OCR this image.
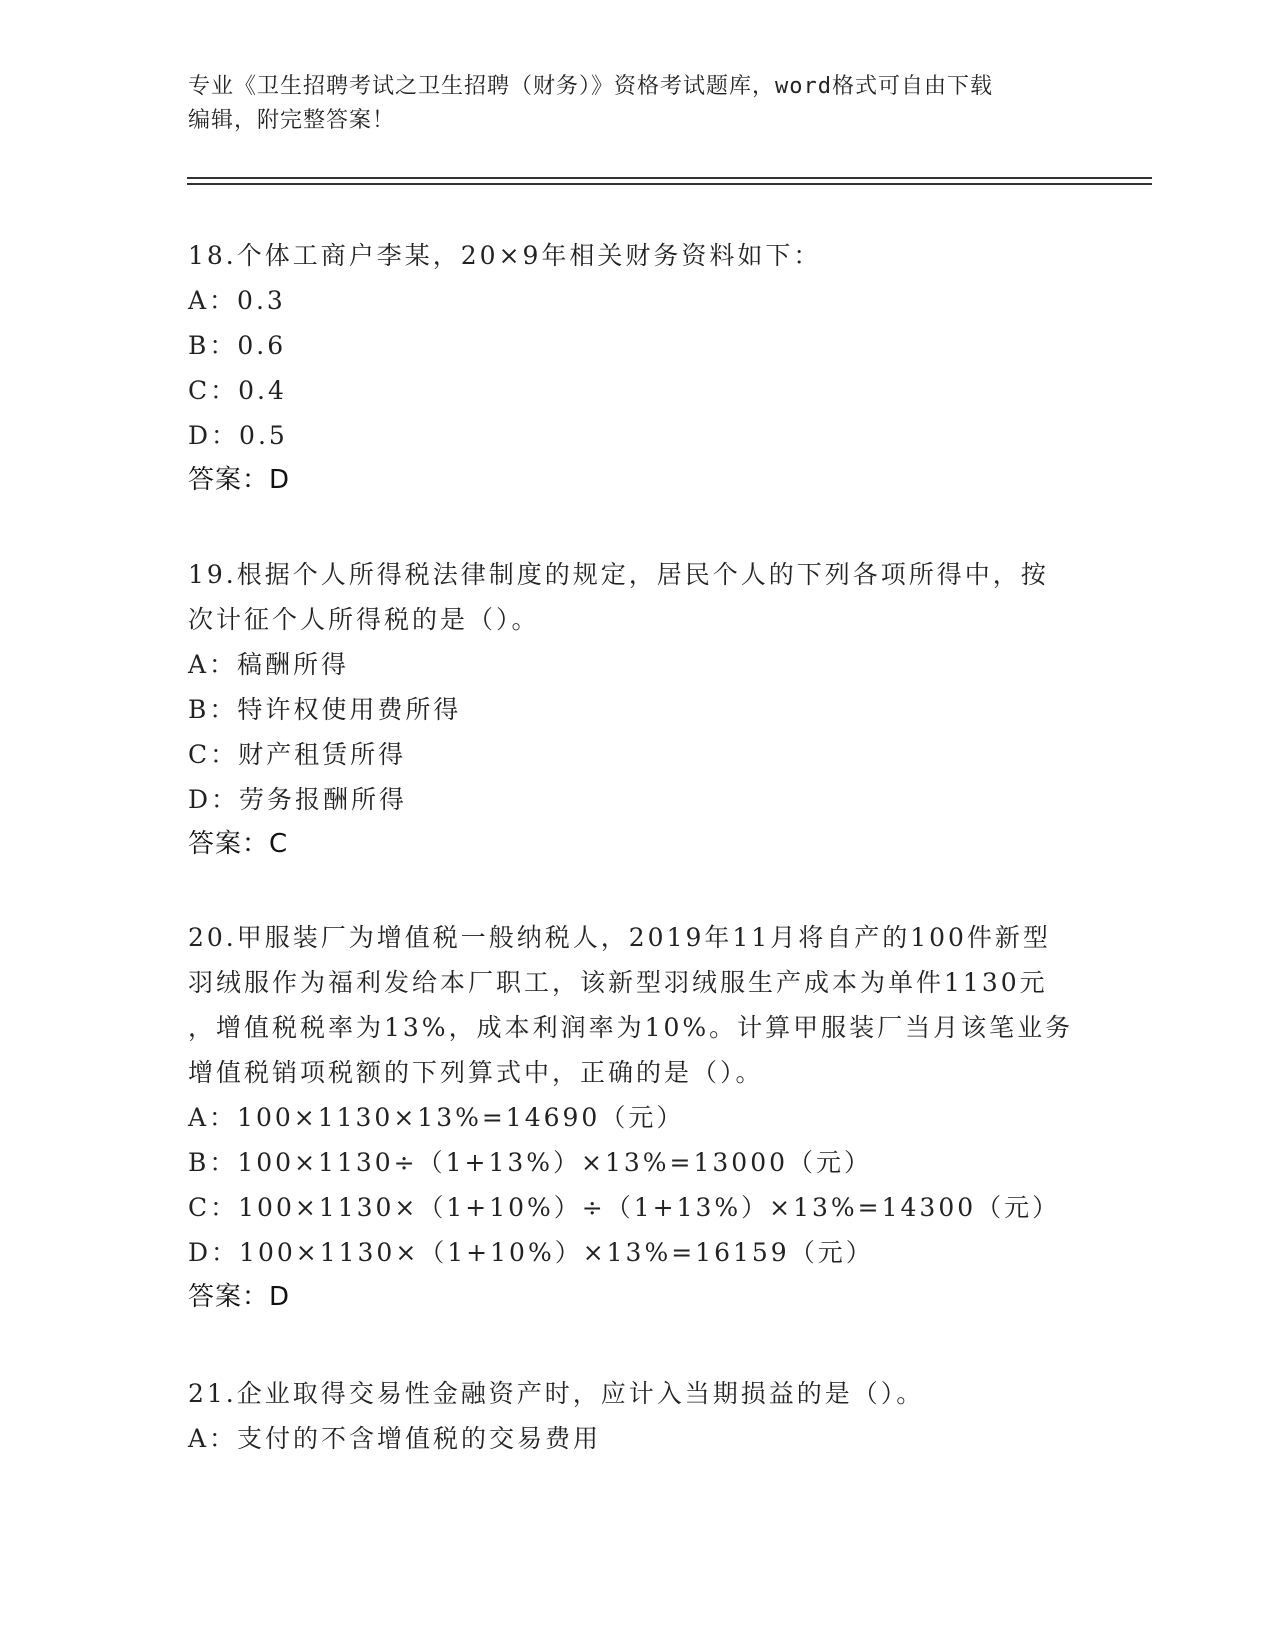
专业《卫生招聘考试之卫生招聘（财务）》资格考试题库，word格式可自由下载

编辑，附完整答案！

18.个体工商户李某，20×9年相关财务资料如下：

A：0.3

B：0.6

C：0.4

D：0.5

答案：D

19.根据个人所得税法律制度的规定，居民个人的下列各项所得中，按

次计征个人所得税的是（）。

A：稿酬所得

B：特许权使用费所得

C：财产租赁所得

D：劳务报酬所得

答案：C

20.甲服装厂为增值税一般纳税人，2019年11月将自产的100件新型

羽绒服作为福利发给本厂职工，该新型羽绒服生产成本为单件1130元

，增值税税率为13%，成本利润率为10%。计算甲服装厂当月该笔业务

增值税销项税额的下列算式中，正确的是（）。

A：100×1130×13%=14690（元）

B：100×1130÷（1+13%）×13%=13000（元）

C：100×1130×（1+10%）÷（1+13%）×13%=14300（元）

D：100×1130×（1+10%）×13%=16159（元）

答案：D

21.企业取得交易性金融资产时，应计入当期损益的是（）。

A：支付的不含增值税的交易费用
